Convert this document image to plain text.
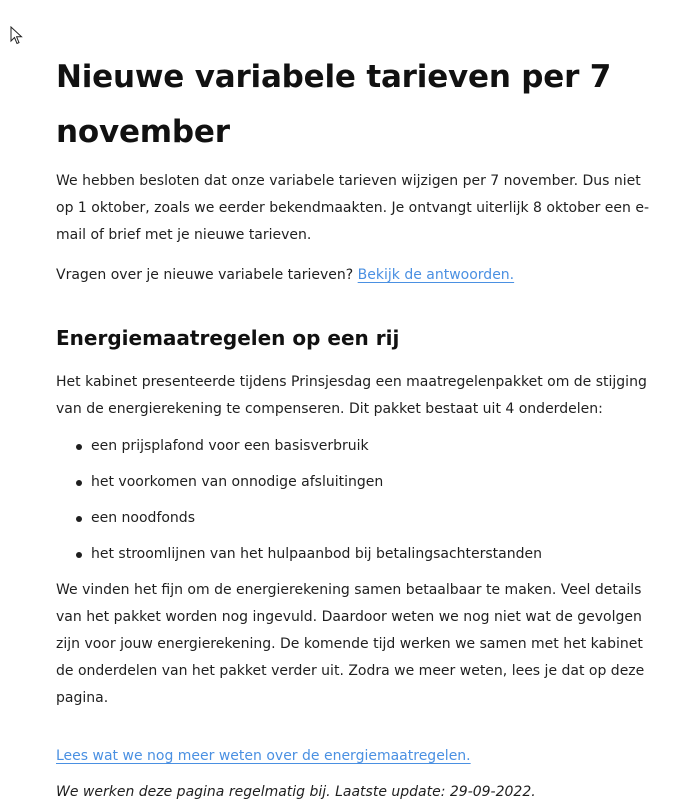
Nieuwe variabele tarieven per 7 november

We hebben besloten dat onze variabele tarieven wijzigen per 7 november. Dus niet op 1 oktober, zoals we eerder bekendmaakten. Je ontvangt uiterlijk 8 oktober een e-mail of brief met je nieuwe tarieven.

Vragen over je nieuwe variabele tarieven? Bekijk de antwoorden.

Energiemaatregelen op een rij

Het kabinet presenteerde tijdens Prinsjesdag een maatregelenpakket om de stijging van de energierekening te compenseren. Dit pakket bestaat uit 4 onderdelen:

een prijsplafond voor een basisverbruik
het voorkomen van onnodige afsluitingen
een noodfonds
het stroomlijnen van het hulpaanbod bij betalingsachterstanden

We vinden het fijn om de energierekening samen betaalbaar te maken. Veel details van het pakket worden nog ingevuld. Daardoor weten we nog niet wat de gevolgen zijn voor jouw energierekening. De komende tijd werken we samen met het kabinet de onderdelen van het pakket verder uit. Zodra we meer weten, lees je dat op deze pagina.

Lees wat we nog meer weten over de energiemaatregelen.

We werken deze pagina regelmatig bij. Laatste update: 29-09-2022.
